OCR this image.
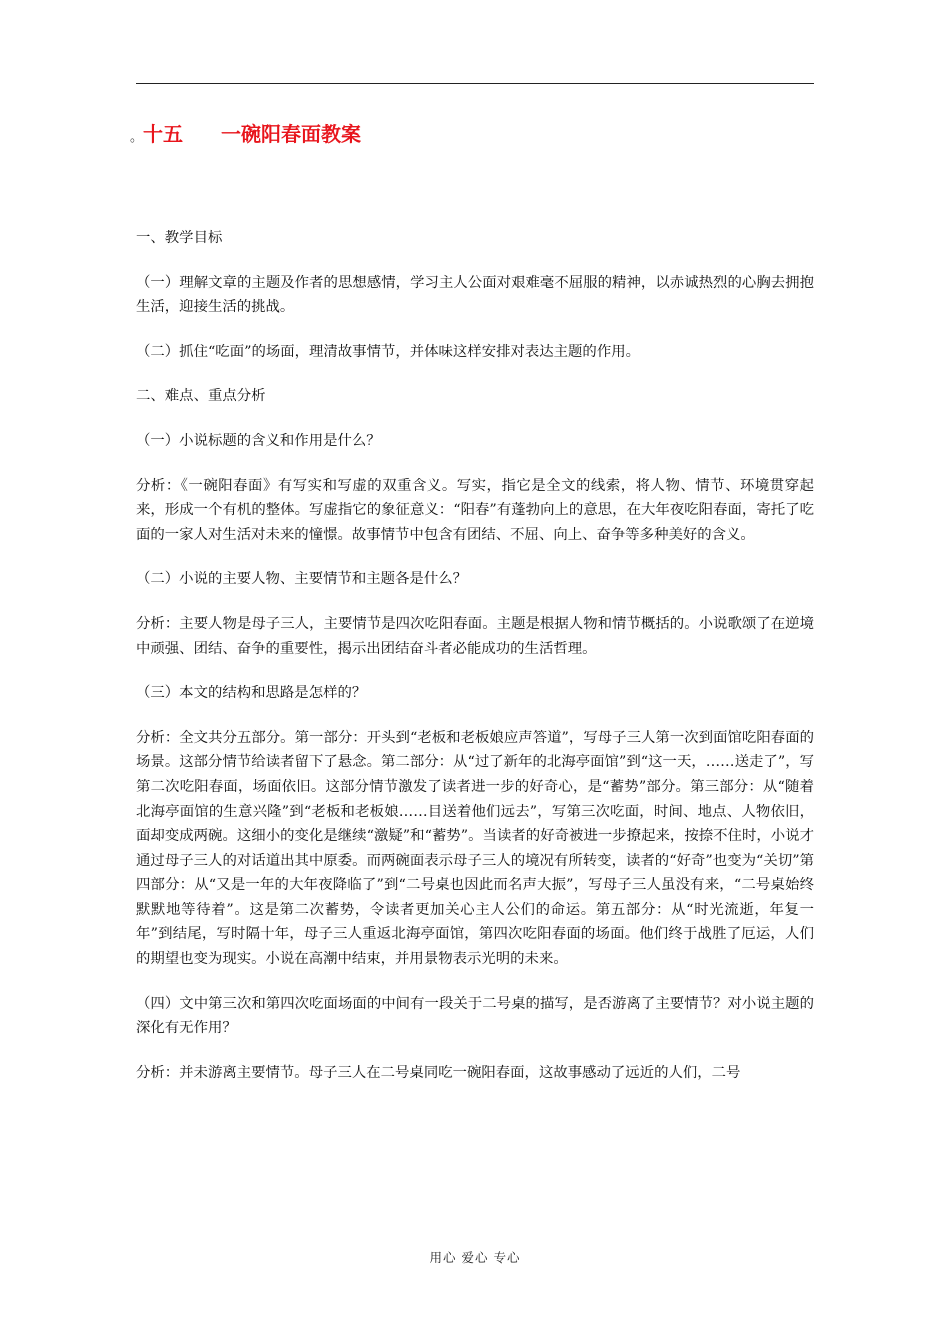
。十五 一碗阳春面教案

一、教学目标

（一）理解文章的主题及作者的思想感情，学习主人公面对艰难毫不屈服的精神，以赤诚热烈的心胸去拥抱生活，迎接生活的挑战。

（二）抓住“吃面”的场面，理清故事情节，并体味这样安排对表达主题的作用。

二、难点、重点分析

（一）小说标题的含义和作用是什么？

分析：《一碗阳春面》有写实和写虚的双重含义。写实，指它是全文的线索，将人物、情节、环境贯穿起来，形成一个有机的整体。写虚指它的象征意义：“阳春”有蓬勃向上的意思，在大年夜吃阳春面，寄托了吃面的一家人对生活对未来的憧憬。故事情节中包含有团结、不屈、向上、奋争等多种美好的含义。

（二）小说的主要人物、主要情节和主题各是什么？

分析：主要人物是母子三人，主要情节是四次吃阳春面。主题是根据人物和情节概括的。小说歌颂了在逆境中顽强、团结、奋争的重要性，揭示出团结奋斗者必能成功的生活哲理。

（三）本文的结构和思路是怎样的？

分析：全文共分五部分。第一部分：开头到“老板和老板娘应声答道”，写母子三人第一次到面馆吃阳春面的场景。这部分情节给读者留下了悬念。第二部分：从“过了新年的北海亭面馆”到“这一天，……送走了”，写第二次吃阳春面，场面依旧。这部分情节激发了读者进一步的好奇心，是“蓄势”部分。第三部分：从“随着北海亭面馆的生意兴隆”到“老板和老板娘……目送着他们远去”，写第三次吃面，时间、地点、人物依旧，面却变成两碗。这细小的变化是继续“激疑”和“蓄势”。当读者的好奇被进一步撩起来，按捺不住时，小说才通过母子三人的对话道出其中原委。而两碗面表示母子三人的境况有所转变，读者的“好奇”也变为“关切”第四部分：从“又是一年的大年夜降临了”到“二号桌也因此而名声大振”，写母子三人虽没有来，“二号桌始终默默地等待着”。这是第二次蓄势，令读者更加关心主人公们的命运。第五部分：从“时光流逝，年复一年”到结尾，写时隔十年，母子三人重返北海亭面馆，第四次吃阳春面的场面。他们终于战胜了厄运，人们的期望也变为现实。小说在高潮中结束，并用景物表示光明的未来。

（四）文中第三次和第四次吃面场面的中间有一段关于二号桌的描写，是否游离了主要情节？对小说主题的深化有无作用？

分析：并未游离主要情节。母子三人在二号桌同吃一碗阳春面，这故事感动了远近的人们，二号

用心 爱心 专心
